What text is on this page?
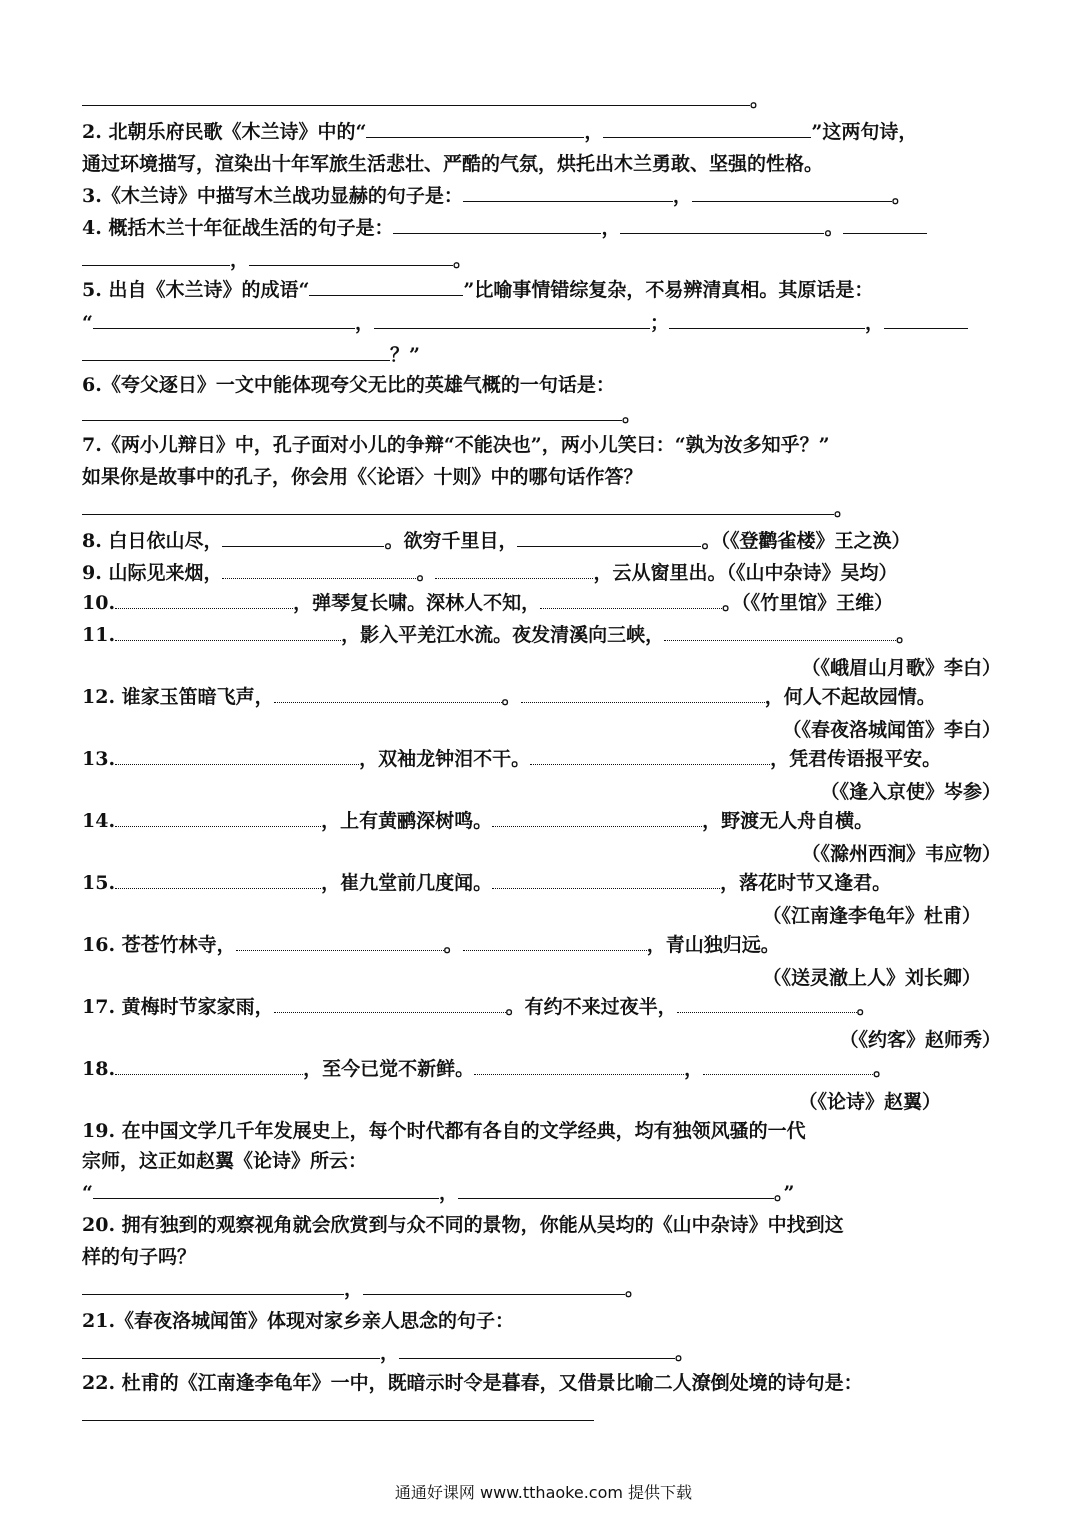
。
2. 北朝乐府民歌《木兰诗》中的“	，	”这两句诗，
通过环境描写，渲染出十年军旅生活悲壮、严酷的气氛，烘托出木兰勇敢、坚强的性格。
3.《木兰诗》中描写木兰战功显赫的句子是：	，	。
4. 概括木兰十年征战生活的句子是：	，	。
，	。
5. 出自《木兰诗》的成语“	”比喻事情错综复杂，不易辨清真相。其原话是：
“	，	；	，
？”
6.《夸父逐日》一文中能体现夸父无比的英雄气概的一句话是：
。
7.《两小儿辩日》中，孔子面对小儿的争辩“不能决也”，两小儿笑曰：“孰为汝多知乎？”
如果你是故事中的孔子，你会用《〈论语〉十则》中的哪句话作答？
。
8. 白日依山尽，	。欲穷千里目，	。（《登鹳雀楼》王之涣）
9. 山际见来烟，	。	，云从窗里出。（《山中杂诗》吴均）
10.	，弹琴复长啸。深林人不知，	。（《竹里馆》王维）
11.	，影入平羌江水流。夜发清溪向三峡，	。
（《峨眉山月歌》李白）
12. 谁家玉笛暗飞声，	。	，何人不起故园情。
（《春夜洛城闻笛》李白）
13.	，双袖龙钟泪不干。	，凭君传语报平安。
（《逢入京使》岑参）
14.	，上有黄鹂深树鸣。	，野渡无人舟自横。
（《滁州西涧》韦应物）
15.	，崔九堂前几度闻。	，落花时节又逢君。
（《江南逢李龟年》杜甫）
16. 苍苍竹林寺，	。	，青山独归远。
（《送灵澈上人》刘长卿）
17. 黄梅时节家家雨，	。有约不来过夜半，	。
（《约客》赵师秀）
18.	，至今已觉不新鲜。	，	。
（《论诗》赵翼）
19. 在中国文学几千年发展史上，每个时代都有各自的文学经典，均有独领风骚的一代
宗师，这正如赵翼《论诗》所云：
“	，	。”
20. 拥有独到的观察视角就会欣赏到与众不同的景物，你能从吴均的《山中杂诗》中找到这
样的句子吗？
，	。
21.《春夜洛城闻笛》体现对家乡亲人思念的句子：
，	。
22. 杜甫的《江南逢李龟年》一中，既暗示时令是暮春，又借景比喻二人潦倒处境的诗句是：
通通好课网 www.tthaoke.com 提供下载
